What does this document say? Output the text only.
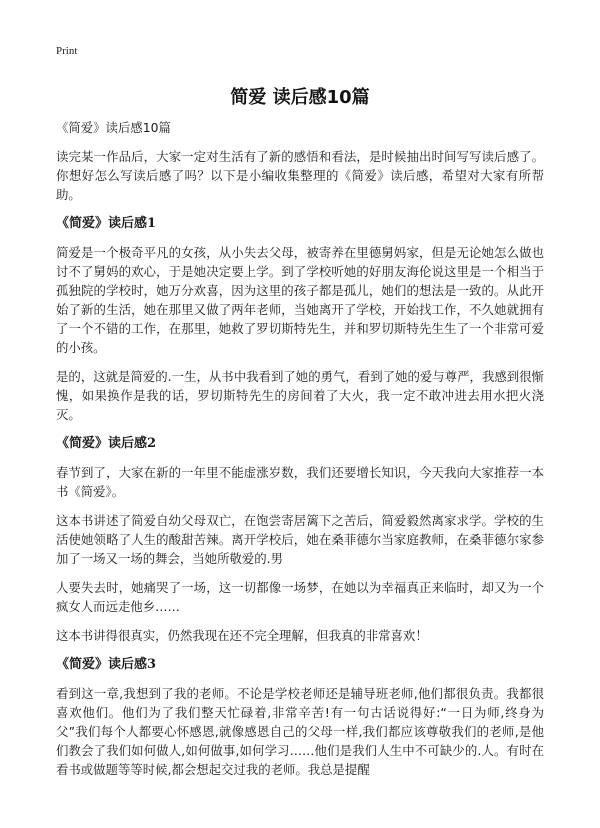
Print
简爱 读后感10篇

《简爱》读后感10篇

读完某一作品后，大家一定对生活有了新的感悟和看法，是时候抽出时间写写读后感了。你想好怎么写读后感了吗？以下是小编收集整理的《简爱》读后感，希望对大家有所帮助。

《简爱》读后感1

简爱是一个极奇平凡的女孩，从小失去父母，被寄养在里德舅妈家，但是无论她怎么做也讨不了舅妈的欢心，于是她决定要上学。到了学校听她的好朋友海伦说这里是一个相当于孤独院的学校时，她万分欢喜，因为这里的孩子都是孤儿，她们的想法是一致的。从此开始了新的生活，她在那里又做了两年老师，当她离开了学校，开始找工作，不久她就拥有了一个不错的工作，在那里，她救了罗切斯特先生，并和罗切斯特先生生了一个非常可爱的小孩。

是的，这就是简爱的.一生，从书中我看到了她的勇气，看到了她的爱与尊严，我感到很惭愧，如果换作是我的话，罗切斯特先生的房间着了大火，我一定不敢冲进去用水把火浇灭。

《简爱》读后感2

春节到了，大家在新的一年里不能虚涨岁数，我们还要增长知识，今天我向大家推荐一本书《简爱》。

这本书讲述了简爱自幼父母双亡，在饱尝寄居篱下之苦后，简爱毅然离家求学。学校的生活使她领略了人生的酸甜苦辣。离开学校后，她在桑菲德尔当家庭教师，在桑菲德尔家参加了一场又一场的舞会，当她所敬爱的.男

人要失去时，她痛哭了一场，这一切都像一场梦，在她以为幸福真正来临时，却又为一个疯女人而远走他乡……

这本书讲得很真实，仍然我现在还不完全理解，但我真的非常喜欢！

《简爱》读后感3

看到这一章,我想到了我的老师。不论是学校老师还是辅导班老师,他们都很负责。我都很喜欢他们。他们为了我们整天忙碌着,非常辛苦!有一句古话说得好:“一日为师,终身为父”我们每个人都要心怀感恩,就像感恩自己的父母一样,我们都应该尊敬我们的老师,是他们教会了我们如何做人,如何做事,如何学习……他们是我们人生中不可缺少的.人。有时在看书或做题等等时候,都会想起交过我的老师。我总是提醒
